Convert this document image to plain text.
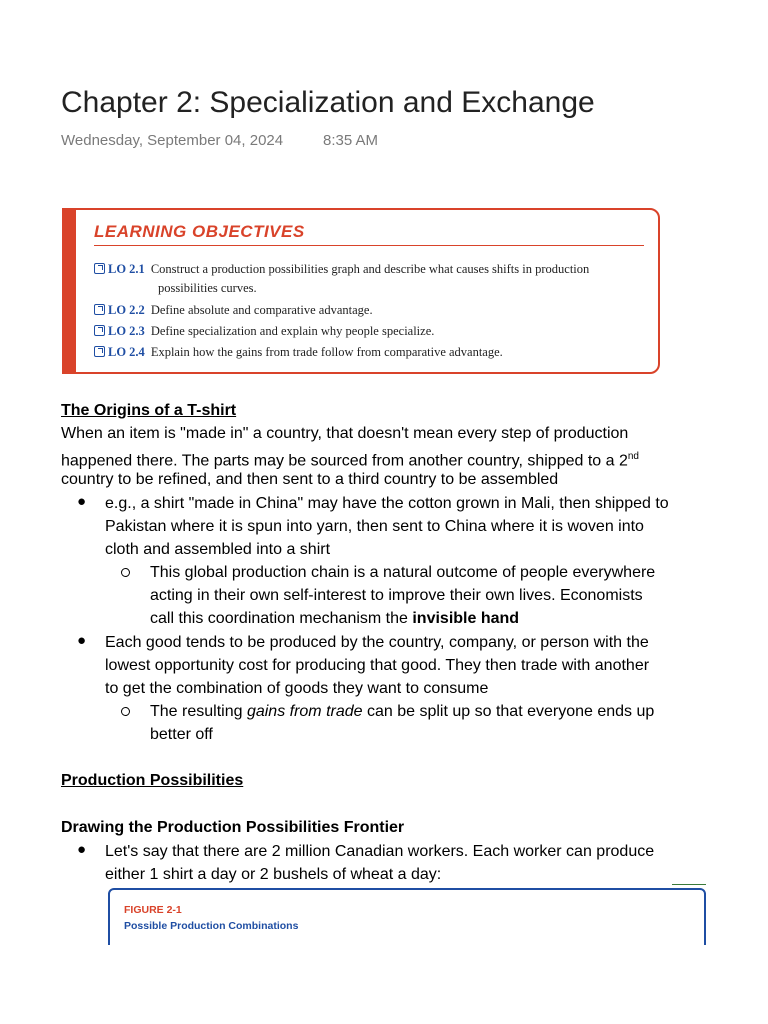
Chapter 2: Specialization and Exchange
Wednesday, September 04, 2024	8:35 AM
LEARNING OBJECTIVES
LO 2.1 Construct a production possibilities graph and describe what causes shifts in production
possibilities curves.
LO 2.2 Define absolute and comparative advantage.
LO 2.3 Define specialization and explain why people specialize.
LO 2.4 Explain how the gains from trade follow from comparative advantage.
The Origins of a T-shirt
When an item is "made in" a country, that doesn't mean every step of production
happened there. The parts may be sourced from another country, shipped to a 2nd
country to be refined, and then sent to a third country to be assembled
● e.g., a shirt "made in China" may have the cotton grown in Mali, then shipped to
Pakistan where it is spun into yarn, then sent to China where it is woven into
cloth and assembled into a shirt
This global production chain is a natural outcome of people everywhere
acting in their own self-interest to improve their own lives. Economists
call this coordination mechanism the invisible hand
● Each good tends to be produced by the country, company, or person with the
lowest opportunity cost for producing that good. They then trade with another
to get the combination of goods they want to consume
The resulting gains from trade can be split up so that everyone ends up
better off
Production Possibilities
Drawing the Production Possibilities Frontier
● Let's say that there are 2 million Canadian workers. Each worker can produce
either 1 shirt a day or 2 bushels of wheat a day:
FIGURE 2-1
Possible Production Combinations
